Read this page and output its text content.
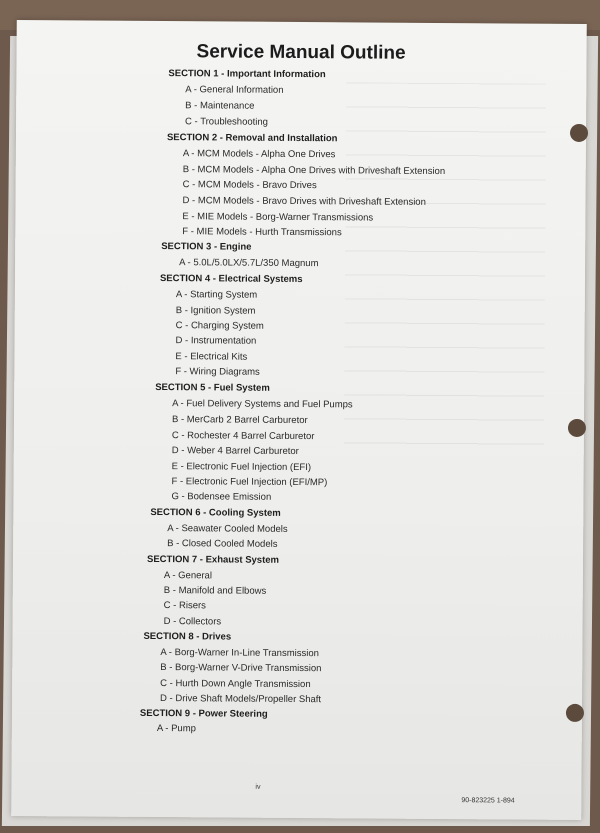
Service Manual Outline
SECTION 1 - Important Information
A - General Information
B - Maintenance
C - Troubleshooting
SECTION 2 - Removal and Installation
A - MCM Models - Alpha One Drives
B - MCM Models - Alpha One Drives with Driveshaft Extension
C - MCM Models - Bravo Drives
D - MCM Models - Bravo Drives with Driveshaft Extension
E - MIE Models - Borg-Warner Transmissions
F - MIE Models - Hurth Transmissions
SECTION 3 - Engine
A - 5.0L/5.0LX/5.7L/350 Magnum
SECTION 4 - Electrical Systems
A - Starting System
B - Ignition System
C - Charging System
D - Instrumentation
E - Electrical Kits
F - Wiring Diagrams
SECTION 5 - Fuel System
A - Fuel Delivery Systems and Fuel Pumps
B - MerCarb 2 Barrel Carburetor
C - Rochester 4 Barrel Carburetor
D - Weber 4 Barrel Carburetor
E - Electronic Fuel Injection (EFI)
F - Electronic Fuel Injection (EFI/MP)
G - Bodensee Emission
SECTION 6 - Cooling System
A - Seawater Cooled Models
B - Closed Cooled Models
SECTION 7 - Exhaust System
A - General
B - Manifold and Elbows
C - Risers
D - Collectors
SECTION 8 - Drives
A - Borg-Warner In-Line Transmission
B - Borg-Warner V-Drive Transmission
C - Hurth Down Angle Transmission
D - Drive Shaft Models/Propeller Shaft
SECTION 9 - Power Steering
A - Pump
iv
90-823225 1-894
